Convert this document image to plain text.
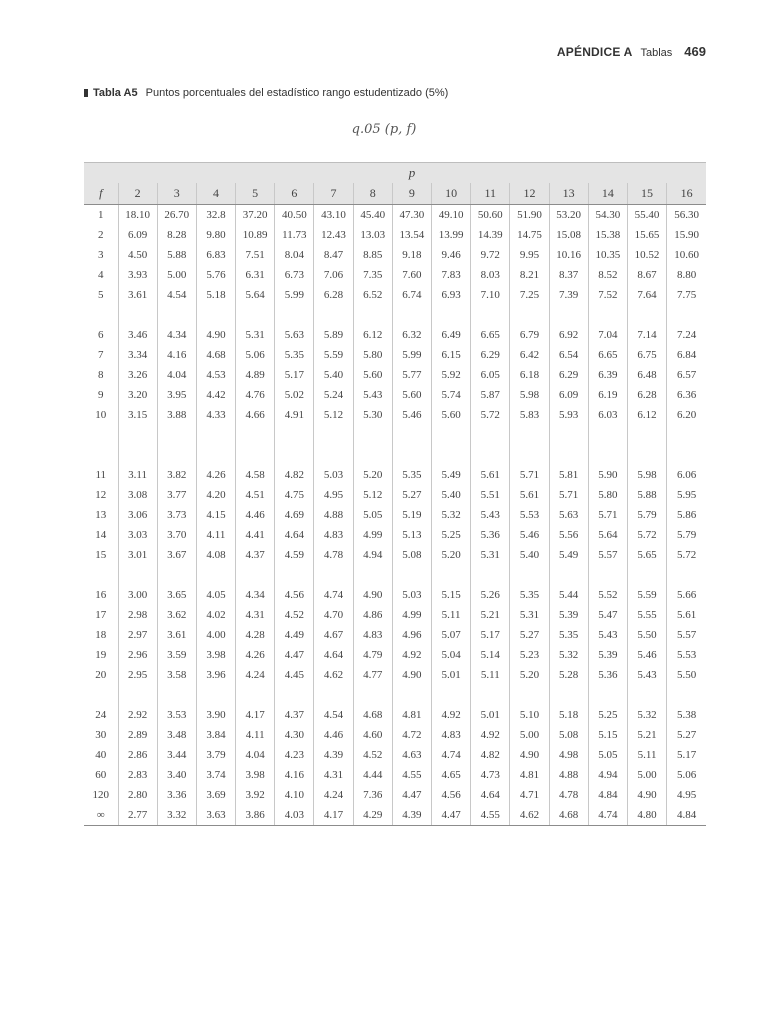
APÉNDICE A Tablas 469
Tabla A5 Puntos porcentuales del estadístico rango estudentizado (5%)
q.05 (p, f)
	p														
f	2	3	4	5	6	7	8	9	10	11	12	13	14	15	16
1	18.10	26.70	32.8	37.20	40.50	43.10	45.40	47.30	49.10	50.60	51.90	53.20	54.30	55.40	56.30
2	6.09	8.28	9.80	10.89	11.73	12.43	13.03	13.54	13.99	14.39	14.75	15.08	15.38	15.65	15.90
3	4.50	5.88	6.83	7.51	8.04	8.47	8.85	9.18	9.46	9.72	9.95	10.16	10.35	10.52	10.60
4	3.93	5.00	5.76	6.31	6.73	7.06	7.35	7.60	7.83	8.03	8.21	8.37	8.52	8.67	8.80
5	3.61	4.54	5.18	5.64	5.99	6.28	6.52	6.74	6.93	7.10	7.25	7.39	7.52	7.64	7.75

6	3.46	4.34	4.90	5.31	5.63	5.89	6.12	6.32	6.49	6.65	6.79	6.92	7.04	7.14	7.24
7	3.34	4.16	4.68	5.06	5.35	5.59	5.80	5.99	6.15	6.29	6.42	6.54	6.65	6.75	6.84
8	3.26	4.04	4.53	4.89	5.17	5.40	5.60	5.77	5.92	6.05	6.18	6.29	6.39	6.48	6.57
9	3.20	3.95	4.42	4.76	5.02	5.24	5.43	5.60	5.74	5.87	5.98	6.09	6.19	6.28	6.36
10	3.15	3.88	4.33	4.66	4.91	5.12	5.30	5.46	5.60	5.72	5.83	5.93	6.03	6.12	6.20

11	3.11	3.82	4.26	4.58	4.82	5.03	5.20	5.35	5.49	5.61	5.71	5.81	5.90	5.98	6.06
12	3.08	3.77	4.20	4.51	4.75	4.95	5.12	5.27	5.40	5.51	5.61	5.71	5.80	5.88	5.95
13	3.06	3.73	4.15	4.46	4.69	4.88	5.05	5.19	5.32	5.43	5.53	5.63	5.71	5.79	5.86
14	3.03	3.70	4.11	4.41	4.64	4.83	4.99	5.13	5.25	5.36	5.46	5.56	5.64	5.72	5.79
15	3.01	3.67	4.08	4.37	4.59	4.78	4.94	5.08	5.20	5.31	5.40	5.49	5.57	5.65	5.72

16	3.00	3.65	4.05	4.34	4.56	4.74	4.90	5.03	5.15	5.26	5.35	5.44	5.52	5.59	5.66
17	2.98	3.62	4.02	4.31	4.52	4.70	4.86	4.99	5.11	5.21	5.31	5.39	5.47	5.55	5.61
18	2.97	3.61	4.00	4.28	4.49	4.67	4.83	4.96	5.07	5.17	5.27	5.35	5.43	5.50	5.57
19	2.96	3.59	3.98	4.26	4.47	4.64	4.79	4.92	5.04	5.14	5.23	5.32	5.39	5.46	5.53
20	2.95	3.58	3.96	4.24	4.45	4.62	4.77	4.90	5.01	5.11	5.20	5.28	5.36	5.43	5.50

24	2.92	3.53	3.90	4.17	4.37	4.54	4.68	4.81	4.92	5.01	5.10	5.18	5.25	5.32	5.38
30	2.89	3.48	3.84	4.11	4.30	4.46	4.60	4.72	4.83	4.92	5.00	5.08	5.15	5.21	5.27
40	2.86	3.44	3.79	4.04	4.23	4.39	4.52	4.63	4.74	4.82	4.90	4.98	5.05	5.11	5.17
60	2.83	3.40	3.74	3.98	4.16	4.31	4.44	4.55	4.65	4.73	4.81	4.88	4.94	5.00	5.06
120	2.80	3.36	3.69	3.92	4.10	4.24	7.36	4.47	4.56	4.64	4.71	4.78	4.84	4.90	4.95
∞	2.77	3.32	3.63	3.86	4.03	4.17	4.29	4.39	4.47	4.55	4.62	4.68	4.74	4.80	4.84
